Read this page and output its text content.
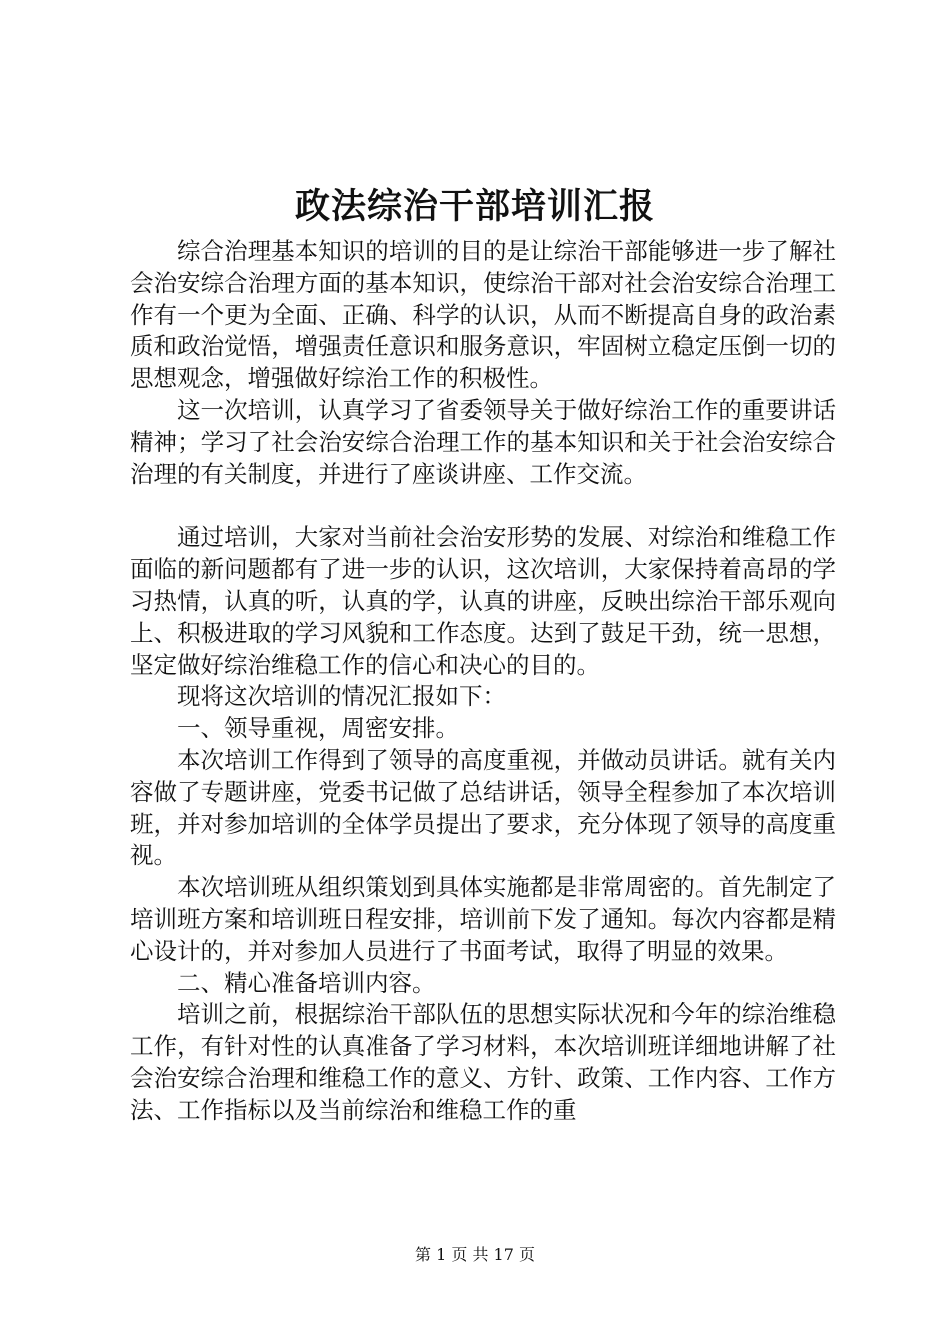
政法综治干部培训汇报

综合治理基本知识的培训的目的是让综治干部能够进一步了解社会治安综合治理方面的基本知识，使综治干部对社会治安综合治理工作有一个更为全面、正确、科学的认识，从而不断提高自身的政治素质和政治觉悟，增强责任意识和服务意识，牢固树立稳定压倒一切的思想观念，增强做好综治工作的积极性。

这一次培训，认真学习了省委领导关于做好综治工作的重要讲话精神；学习了社会治安综合治理工作的基本知识和关于社会治安综合治理的有关制度，并进行了座谈讲座、工作交流。

通过培训，大家对当前社会治安形势的发展、对综治和维稳工作面临的新问题都有了进一步的认识，这次培训，大家保持着高昂的学习热情，认真的听，认真的学，认真的讲座，反映出综治干部乐观向上、积极进取的学习风貌和工作态度。达到了鼓足干劲，统一思想，坚定做好综治维稳工作的信心和决心的目的。

现将这次培训的情况汇报如下：

一、领导重视，周密安排。

本次培训工作得到了领导的高度重视，并做动员讲话。就有关内容做了专题讲座，党委书记做了总结讲话，领导全程参加了本次培训班，并对参加培训的全体学员提出了要求，充分体现了领导的高度重视。

本次培训班从组织策划到具体实施都是非常周密的。首先制定了培训班方案和培训班日程安排，培训前下发了通知。每次内容都是精心设计的，并对参加人员进行了书面考试，取得了明显的效果。

二、精心准备培训内容。

培训之前，根据综治干部队伍的思想实际状况和今年的综治维稳工作，有针对性的认真准备了学习材料，本次培训班详细地讲解了社会治安综合治理和维稳工作的意义、方针、政策、工作内容、工作方法、工作指标以及当前综治和维稳工作的重

第 1 页 共 17 页
